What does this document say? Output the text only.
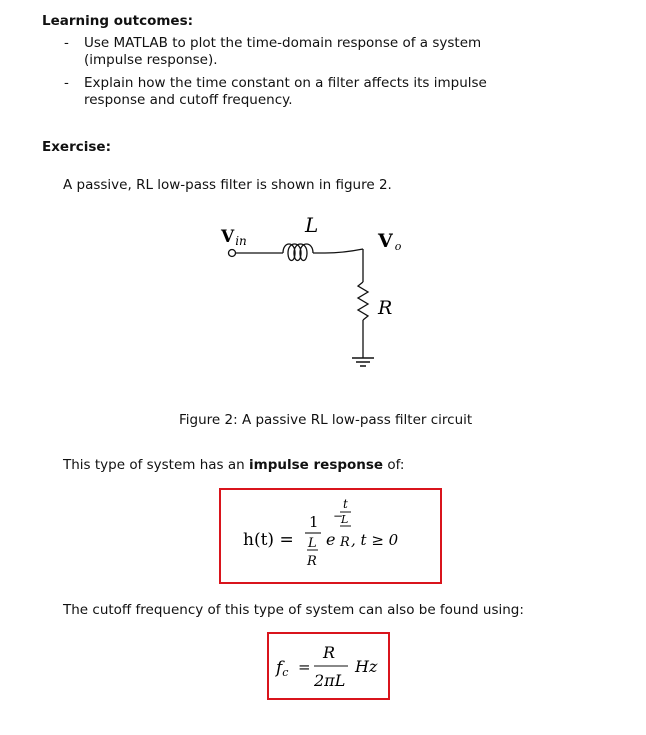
Learning outcomes:
- Use MATLAB to plot the time-domain response of a system (impulse response).
- Explain how the time constant on a filter affects its impulse response and cutoff frequency.
Exercise:
A passive, RL low-pass filter is shown in figure 2.
Vin
L
Vo
R
Figure 2: A passive RL low-pass filter circuit
This type of system has an impulse response of:
h(t) =
1
L
R
e
−
t
L
R , t ≥ 0
The cutoff frequency of this type of system can also be found using:
fc =
R
2πL
Hz
